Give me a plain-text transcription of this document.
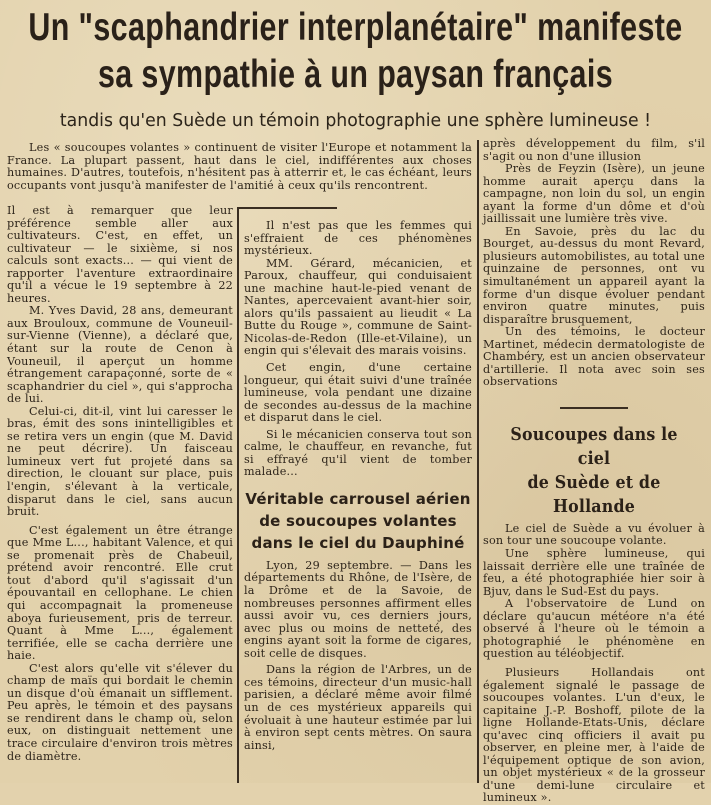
Un "scaphandrier interplanétaire" manifeste
sa sympathie à un paysan français
tandis qu'en Suède un témoin photographie une sphère lumineuse !

Les « soucoupes volantes » continuent de visiter l'Europe et notamment la France. La plupart passent, haut dans le ciel, indifférentes aux choses humaines. D'autres, toutefois, n'hésitent pas à atterrir et, le cas échéant, leurs occupants vont jusqu'à manifester de l'amitié à ceux qu'ils rencontrent.

Il est à remarquer que leur préférence semble aller aux cultivateurs. C'est, en effet, un cultivateur — le sixième, si nos calculs sont exacts... — qui vient de rapporter l'aventure extraordinaire qu'il a vécue le 19 septembre à 22 heures.

M. Yves David, 28 ans, demeurant aux Brouloux, commune de Vouneuil-sur-Vienne (Vienne), a déclaré que, étant sur la route de Cenon à Vouneuil, il aperçut un homme étrangement carapaçonné, sorte de « scaphandrier du ciel », qui s'approcha de lui.

Celui-ci, dit-il, vint lui caresser le bras, émit des sons inintelligibles et se retira vers un engin (que M. David ne peut décrire). Un faisceau lumineux vert fut projeté dans sa direction, le clouant sur place, puis l'engin, s'élevant à la verticale, disparut dans le ciel, sans aucun bruit.

C'est également un être étrange que Mme L..., habitant Valence, et qui se promenait près de Chabeuil, prétend avoir rencontré. Elle crut tout d'abord qu'il s'agissait d'un épouvantail en cellophane. Le chien qui accompagnait la promeneuse aboya furieusement, pris de terreur. Quant à Mme L..., également terrifiée, elle se cacha derrière une haie.

C'est alors qu'elle vit s'élever du champ de maïs qui bordait le chemin un disque d'où émanait un sifflement. Peu après, le témoin et des paysans se rendirent dans le champ où, selon eux, on distinguait nettement une trace circulaire d'environ trois mètres de diamètre.

Il n'est pas que les femmes qui s'effraient de ces phénomènes mystérieux.

MM. Gérard, mécanicien, et Paroux, chauffeur, qui conduisaient une machine haut-le-pied venant de Nantes, apercevaient avant-hier soir, alors qu'ils passaient au lieudit « La Butte du Rouge », commune de Saint-Nicolas-de-Redon (Ille-et-Vilaine), un engin qui s'élevait des marais voisins.

Cet engin, d'une certaine longueur, qui était suivi d'une traînée lumineuse, vola pendant une dizaine de secondes au-dessus de la machine et disparut dans le ciel.

Si le mécanicien conserva tout son calme, le chauffeur, en revanche, fut si effrayé qu'il vient de tomber malade...

Véritable carrousel aérien
de soucoupes volantes
dans le ciel du Dauphiné

Lyon, 29 septembre. — Dans les départements du Rhône, de l'Isère, de la Drôme et de la Savoie, de nombreuses personnes affirment elles aussi avoir vu, ces derniers jours, avec plus ou moins de netteté, des engins ayant soit la forme de cigares, soit celle de disques.

Dans la région de l'Arbres, un de ces témoins, directeur d'un music-hall parisien, a déclaré même avoir filmé un de ces mystérieux appareils qui évoluait à une hauteur estimée par lui à environ sept cents mètres. On saura ainsi,

après développement du film, s'il s'agit ou non d'une illusion

Près de Feyzin (Isère), un jeune homme aurait aperçu dans la campagne, non loin du sol, un engin ayant la forme d'un dôme et d'où jaillissait une lumière très vive.

En Savoie, près du lac du Bourget, au-dessus du mont Revard, plusieurs automobilistes, au total une quinzaine de personnes, ont vu simultanément un appareil ayant la forme d'un disque évoluer pendant environ quatre minutes, puis disparaître brusquement,

Un des témoins, le docteur Martinet, médecin dermatologiste de Chambéry, est un ancien observateur d'artillerie. Il nota avec soin ses observations

Soucoupes dans le ciel
de Suède et de Hollande

Le ciel de Suède a vu évoluer à son tour une soucoupe volante.

Une sphère lumineuse, qui laissait derrière elle une traînée de feu, a été photographiée hier soir à Bjuv, dans le Sud-Est du pays.

A l'observatoire de Lund on déclare qu'aucun météore n'a été observé à l'heure où le témoin a photographié le phénomène en question au téléobjectif.

Plusieurs Hollandais ont également signalé le passage de soucoupes volantes. L'un d'eux, le capitaine J.-P. Boshoff, pilote de la ligne Hollande-Etats-Unis, déclare qu'avec cinq officiers il avait pu observer, en pleine mer, à l'aide de l'équipement optique de son avion, un objet mystérieux « de la grosseur d'une demi-lune circulaire et lumineux ».
